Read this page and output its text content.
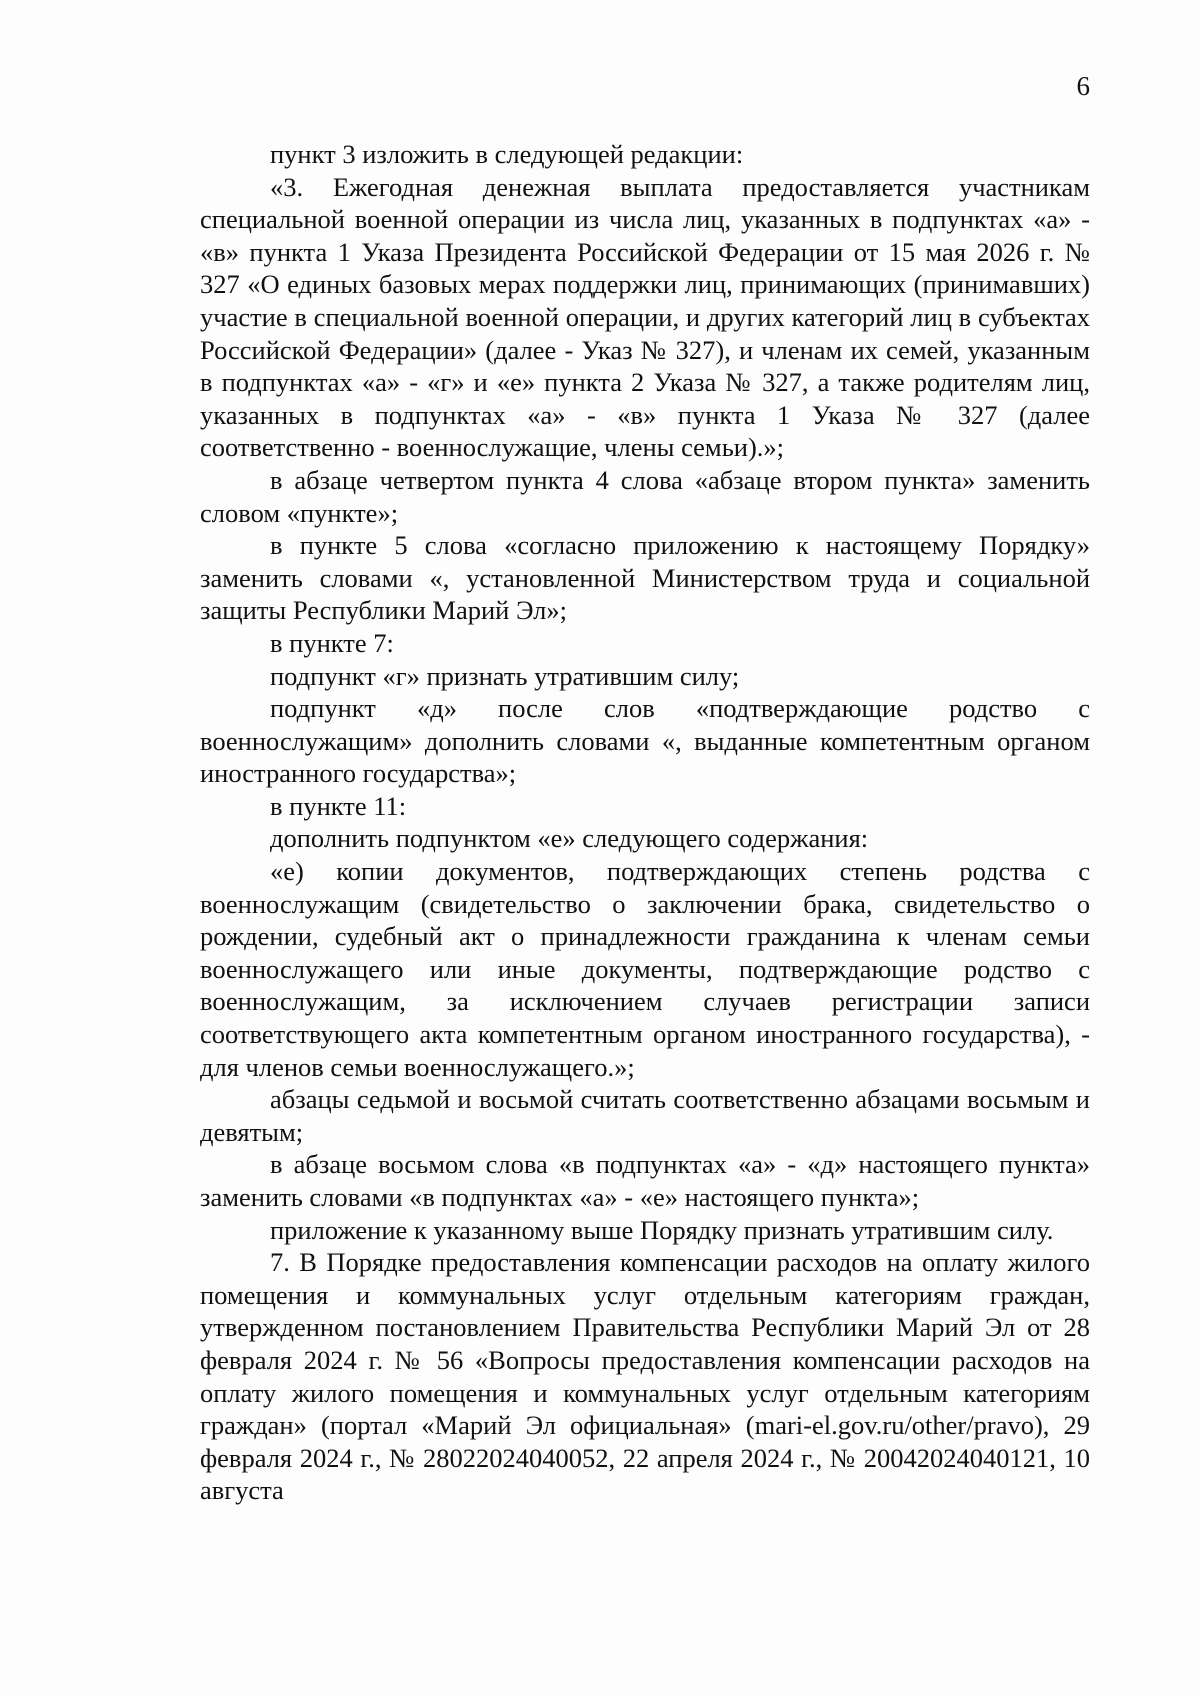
6

пункт 3 изложить в следующей редакции:

«3. Ежегодная денежная выплата предоставляется участникам специальной военной операции из числа лиц, указанных в подпунктах «а» - «в» пункта 1 Указа Президента Российской Федерации от 15 мая 2026 г. № 327 «О единых базовых мерах поддержки лиц, принимающих (принимавших) участие в специальной военной операции, и других категорий лиц в субъектах Российской Федерации» (далее - Указ № 327), и членам их семей, указанным в подпунктах «а» - «г» и «е» пункта 2 Указа № 327, а также родителям лиц, указанных в подпунктах «а» - «в» пункта 1 Указа № 327 (далее соответственно - военнослужащие, члены семьи).»;

в абзаце четвертом пункта 4 слова «абзаце втором пункта» заменить словом «пункте»;

в пункте 5 слова «согласно приложению к настоящему Порядку» заменить словами «, установленной Министерством труда и социальной защиты Республики Марий Эл»;

в пункте 7:

подпункт «г» признать утратившим силу;

подпункт «д» после слов «подтверждающие родство с военнослужащим» дополнить словами «, выданные компетентным органом иностранного государства»;

в пункте 11:

дополнить подпунктом «е» следующего содержания:

«е) копии документов, подтверждающих степень родства с военнослужащим (свидетельство о заключении брака, свидетельство о рождении, судебный акт о принадлежности гражданина к членам семьи военнослужащего или иные документы, подтверждающие родство с военнослужащим, за исключением случаев регистрации записи соответствующего акта компетентным органом иностранного государства), - для членов семьи военнослужащего.»;

абзацы седьмой и восьмой считать соответственно абзацами восьмым и девятым;

в абзаце восьмом слова «в подпунктах «а» - «д» настоящего пункта» заменить словами «в подпунктах «а» - «е» настоящего пункта»;

приложение к указанному выше Порядку признать утратившим силу.

7. В Порядке предоставления компенсации расходов на оплату жилого помещения и коммунальных услуг отдельным категориям граждан, утвержденном постановлением Правительства Республики Марий Эл от 28 февраля 2024 г. № 56 «Вопросы предоставления компенсации расходов на оплату жилого помещения и коммунальных услуг отдельным категориям граждан» (портал «Марий Эл официальная» (mari-el.gov.ru/other/pravo), 29 февраля 2024 г., № 28022024040052, 22 апреля 2024 г., № 20042024040121, 10 августа
